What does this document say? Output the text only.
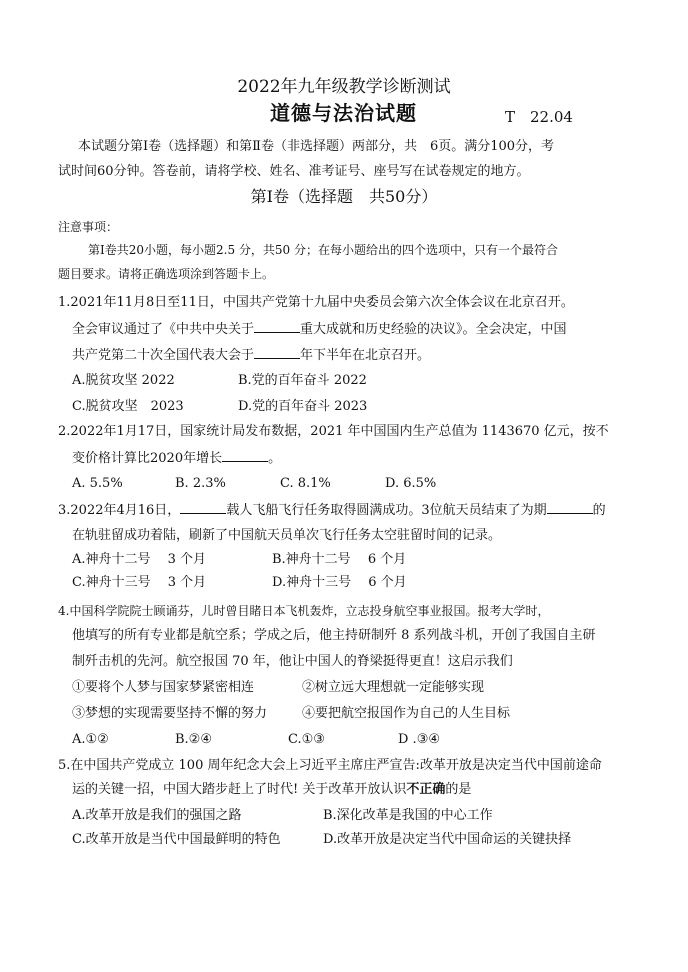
2022年九年级教学诊断测试
道德与法治试题	T　22.04
本试题分第Ⅰ卷（选择题）和第Ⅱ卷（非选择题）两部分，共　6页。满分100分，考
试时间60分钟。答卷前，请将学校、姓名、准考证号、座号写在试卷规定的地方。
第Ⅰ卷（选择题　共50分）
注意事项：
第Ⅰ卷共20小题，每小题2.5 分，共50 分；在每小题给出的四个选项中，只有一个最符合
题目要求。请将正确选项涂到答题卡上。
1.2021年11月8日至11日，中国共产党第十九届中央委员会第六次全体会议在北京召开。
全会审议通过了《中共中央关于	重大成就和历史经验的决议》。全会决定，中国
共产党第二十次全国代表大会于	年下半年在北京召开。
A.脱贫攻坚 2022	B.党的百年奋斗 2022
C.脱贫攻坚　2023	D.党的百年奋斗 2023
2.2022年1月17日，国家统计局发布数据，2021 年中国国内生产总值为 1143670 亿元，按不
变价格计算比2020年增长	。
A. 5.5%	B. 2.3%	C. 8.1%	D. 6.5%
3.2022年4月16日，	载人飞船飞行任务取得圆满成功。3位航天员结束了为期	的
在轨驻留成功着陆，刷新了中国航天员单次飞行任务太空驻留时间的记录。
A.神舟十二号　 3 个月	B.神舟十二号　 6 个月
C.神舟十三号　 3 个月	D.神舟十三号　 6 个月
4.中国科学院院士顾诵芬，儿时曾目睹日本飞机轰炸，立志投身航空事业报国。报考大学时，
他填写的所有专业都是航空系；学成之后，他主持研制歼 8 系列战斗机，开创了我国自主研
制歼击机的先河。航空报国 70 年，他让中国人的脊梁挺得更直！这启示我们
①要将个人梦与国家梦紧密相连	②树立远大理想就一定能够实现
③梦想的实现需要坚持不懈的努力	④要把航空报国作为自己的人生目标
A.①②	B.②④	C.①③	D .③④
5.在中国共产党成立 100 周年纪念大会上习近平主席庄严宣告:改革开放是决定当代中国前途命
运的关键一招，中国大踏步赶上了时代! 关于改革开放认识不正确的是
A.改革开放是我们的强国之路	B.深化改革是我国的中心工作
C.改革开放是当代中国最鲜明的特色	D.改革开放是决定当代中国命运的关键抉择
